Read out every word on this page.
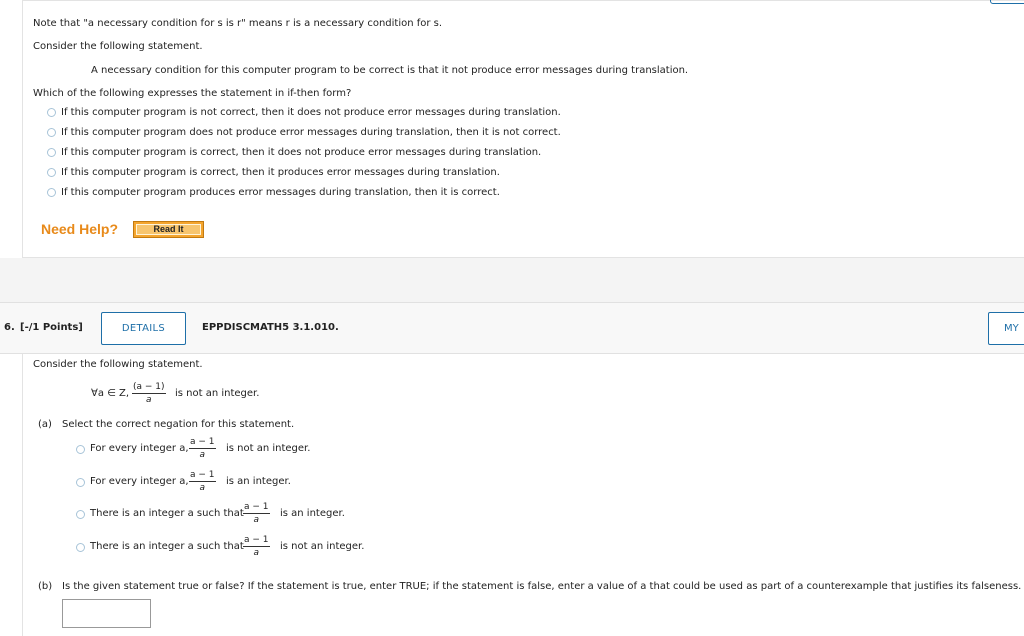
Note that "a necessary condition for s is r" means r is a necessary condition for s.
Consider the following statement.
A necessary condition for this computer program to be correct is that it not produce error messages during translation.
Which of the following expresses the statement in if-then form?
If this computer program is not correct, then it does not produce error messages during translation.
If this computer program does not produce error messages during translation, then it is not correct.
If this computer program is correct, then it does not produce error messages during translation.
If this computer program is correct, then it produces error messages during translation.
If this computer program produces error messages during translation, then it is correct.
Need Help?	Read It
6. [-/1 Points]	DETAILS	EPPDISCMATH5 3.1.010.	MY
Consider the following statement.
∀a ∈ Z, $\frac{(a - 1)}{a}$ is not an integer.
(a) Select the correct negation for this statement.
For every integer a, $\frac{a - 1}{a}$ is not an integer.
For every integer a, $\frac{a - 1}{a}$ is an integer.
There is an integer a such that $\frac{a - 1}{a}$ is an integer.
There is an integer a such that $\frac{a - 1}{a}$ is not an integer.
(b) Is the given statement true or false? If the statement is true, enter TRUE; if the statement is false, enter a value of a that could be used as part of a counterexample that justifies its falseness.
